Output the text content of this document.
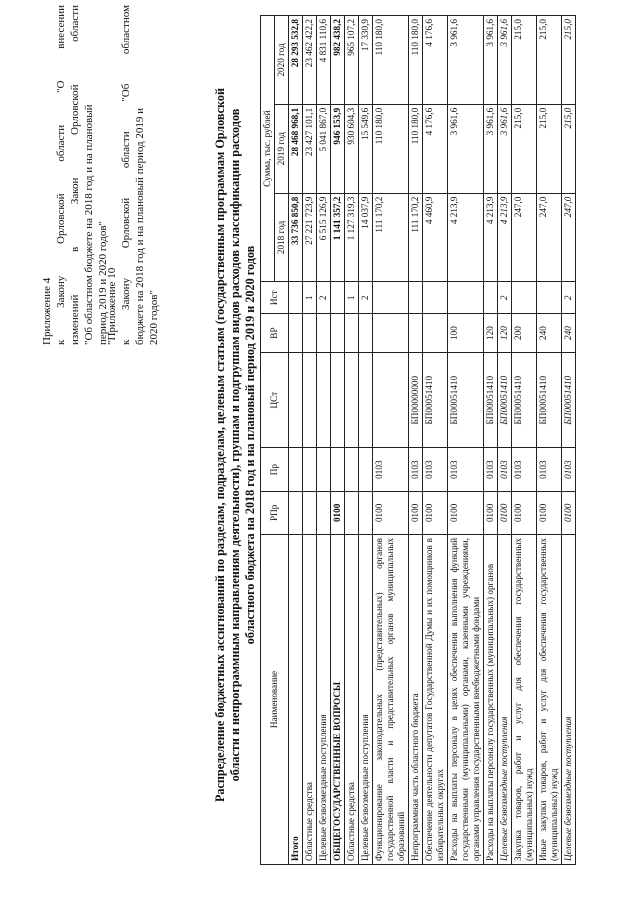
Приложение 4 к
Закону
Орловской
области
"О
внесении
изменений
в
Закон
Орловской
области
"Об областном бюджете на 2018 год и на плановый период 2019 и 2020 годов"
"Приложение 10 к
Закону
Орловской
области
"Об
областном
бюджете на 2018 год и на плановый период 2019 и 2020 годов"	Распределение бюджетных ассигнований по разделам, подразделам, целевым статьям (государственным программам Орловской области и непрограммным направлениям деятельности), группам и подгруппам видов расходов классификации расходов областного бюджета на 2018 год и на плановый период 2019 и 2020 годов
Наименование	РПр	Пр	ЦСт	ВР	Ист	Сумма, тыс. рублей		
						2018 год	2019 год	2020 год
Итого						33 736 850,8	28 468 968,1	28 293 532,8
Областные средства					1	27 221 723,9	23 427 101,1	23 462 422,2
Целевые безвозмездные поступления					2	6 515 126,9	5 041 867,0	4 831 110,6
ОБЩЕГОСУДАРСТВЕННЫЕ ВОПРОСЫ	0100					1 141 357,2	946 153,9	982 438,2
Областные средства					1	1 127 319,3	930 604,3	965 107,2
Целевые безвозмездные поступления					2	14 037,9	15 549,6	17 330,9
Функционирование законодательных (представительных) органов государственной власти и представительных органов муниципальных образований	0100	0103				111 170,2	110 180,0	110 180,0
Непрограммная часть областного бюджета	0100	0103	БП00000000			111 170,2	110 180,0	110 180,0
Обеспечение деятельности депутатов Государственной Думы и их помощников в избирательных округах	0100	0103	БП00051410			4 460,9	4 176,6	4 176,6
Расходы на выплаты персоналу в целях обеспечения выполнения функций государственными (муниципальными) органами, казенными учреждениями, органами управления государственными внебюджетными фондами	0100	0103	БП00051410	100		4 213,9	3 961,6	3 961,6
Расходы на выплаты персоналу государственных (муниципальных) органов	0100	0103	БП00051410	120		4 213,9	3 961,6	3 961,6
Целевые безвозмездные поступления	0100	0103	БП00051410	120	2	4 213,9	3 961,6	3 961,6
Закупка товаров, работ и услуг для обеспечения государственных (муниципальных) нужд	0100	0103	БП00051410	200		247,0	215,0	215,0
Иные закупки товаров, работ и услуг для обеспечения государственных (муниципальных) нужд	0100	0103	БП00051410	240		247,0	215,0	215,0
Целевые безвозмездные поступления	0100	0103	БП00051410	240	2	247,0	215,0	215,0
